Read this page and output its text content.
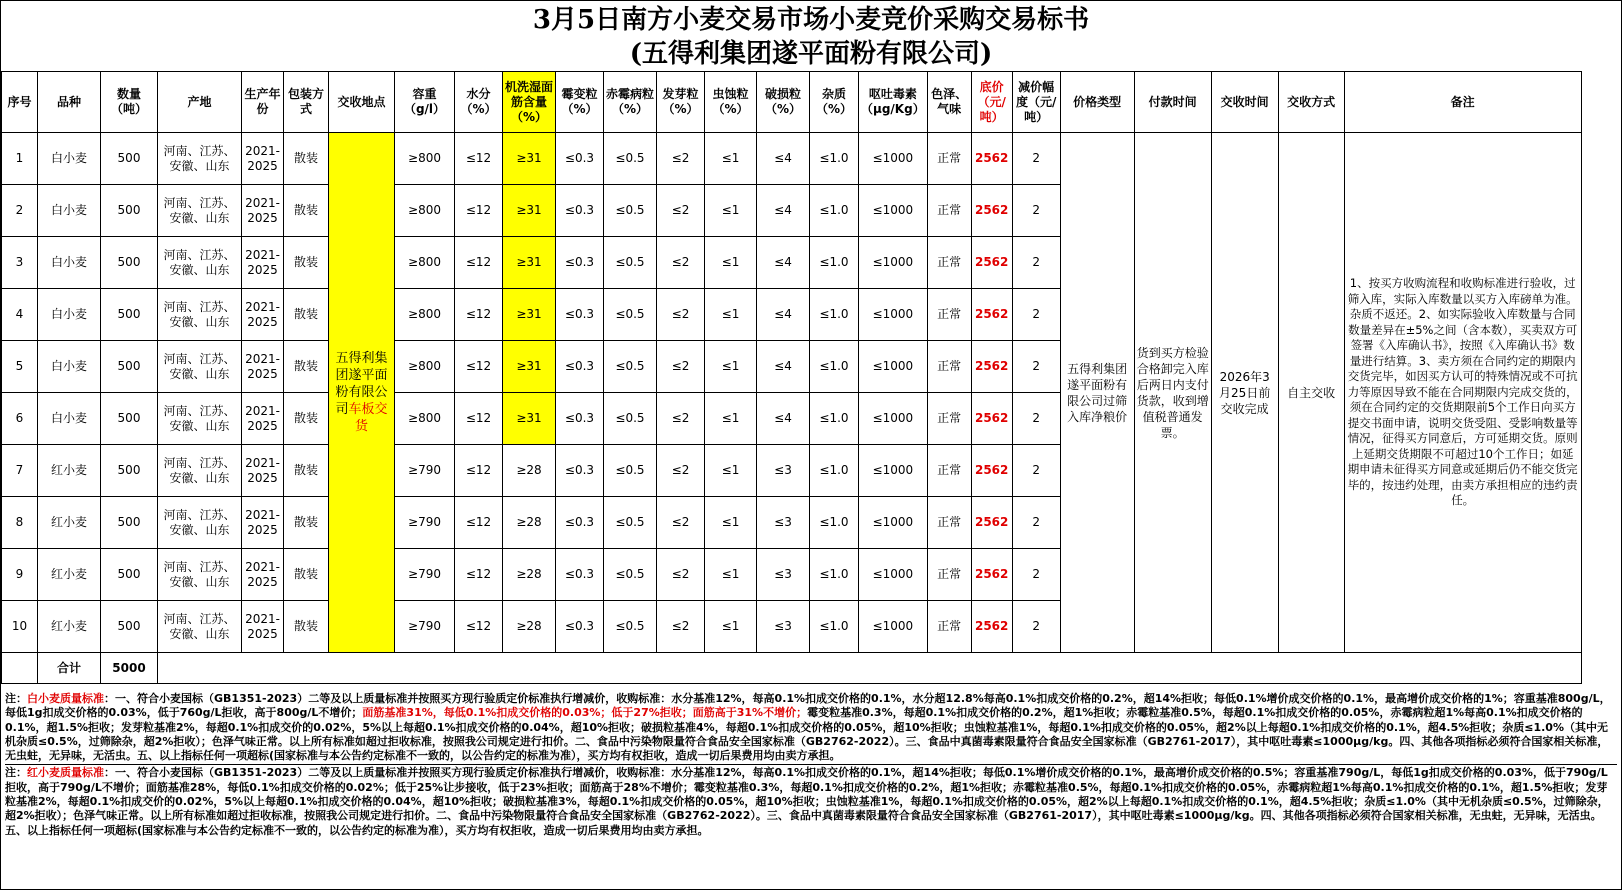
3月5日南方小麦交易市场小麦竞价采购交易标书
(五得利集团遂平面粉有限公司)
序号	品种	数量（吨）	产地	生产年份	包装方式	交收地点	容重（g/l）	水分（%）	机洗湿面筋含量（%）	霉变粒（%）	赤霉病粒（%）	发芽粒（%）	虫蚀粒（%）	破损粒（%）	杂质（%）	呕吐毒素（μg/Kg）	色泽、气味	底价（元/吨）	减价幅度（元/吨）	价格类型	付款时间	交收时间	交收方式	备注
1	白小麦	500	河南、江苏、安徽、山东	2021-2025	散装	五得利集团遂平面粉有限公司车板交货	≥800	≤12	≥31	≤0.3	≤0.5	≤2	≤1	≤4	≤1.0	≤1000	正常	2562	2	五得利集团遂平面粉有限公司过筛入库净粮价	货到买方检验合格卸完入库后两日内支付货款，收到增值税普通发票。	2026年3月25日前交收完成	自主交收	1、按买方收购流程和收购标准进行验收，过筛入库，实际入库数量以买方入库磅单为准。杂质不返还。2、如实际验收入库数量与合同数量差异在±5%之间（含本数），买卖双方可签署《入库确认书》，按照《入库确认书》数量进行结算。3、卖方须在合同约定的期限内交货完毕，如因买方认可的特殊情况或不可抗力等原因导致不能在合同期限内完成交货的，须在合同约定的交货期限前5个工作日向买方提交书面申请，说明交货受阻、受影响数量等情况，征得买方同意后，方可延期交货。原则上延期交货期限不可超过10个工作日；如延期申请未征得买方同意或延期后仍不能交货完毕的，按违约处理，由卖方承担相应的违约责任。
2	白小麦	500	河南、江苏、安徽、山东	2021-2025	散装		≥800	≤12	≥31	≤0.3	≤0.5	≤2	≤1	≤4	≤1.0	≤1000	正常	2562	2					
3	白小麦	500	河南、江苏、安徽、山东	2021-2025	散装		≥800	≤12	≥31	≤0.3	≤0.5	≤2	≤1	≤4	≤1.0	≤1000	正常	2562	2					
4	白小麦	500	河南、江苏、安徽、山东	2021-2025	散装		≥800	≤12	≥31	≤0.3	≤0.5	≤2	≤1	≤4	≤1.0	≤1000	正常	2562	2					
5	白小麦	500	河南、江苏、安徽、山东	2021-2025	散装		≥800	≤12	≥31	≤0.3	≤0.5	≤2	≤1	≤4	≤1.0	≤1000	正常	2562	2					
6	白小麦	500	河南、江苏、安徽、山东	2021-2025	散装		≥800	≤12	≥31	≤0.3	≤0.5	≤2	≤1	≤4	≤1.0	≤1000	正常	2562	2					
7	红小麦	500	河南、江苏、安徽、山东	2021-2025	散装		≥790	≤12	≥28	≤0.3	≤0.5	≤2	≤1	≤3	≤1.0	≤1000	正常	2562	2					
8	红小麦	500	河南、江苏、安徽、山东	2021-2025	散装		≥790	≤12	≥28	≤0.3	≤0.5	≤2	≤1	≤3	≤1.0	≤1000	正常	2562	2					
9	红小麦	500	河南、江苏、安徽、山东	2021-2025	散装		≥790	≤12	≥28	≤0.3	≤0.5	≤2	≤1	≤3	≤1.0	≤1000	正常	2562	2					
10	红小麦	500	河南、江苏、安徽、山东	2021-2025	散装		≥790	≤12	≥28	≤0.3	≤0.5	≤2	≤1	≤3	≤1.0	≤1000	正常	2562	2					
	合计	5000																						
注：白小麦质量标准：一、符合小麦国标（GB1351-2023）二等及以上质量标准并按照买方现行验质定价标准执行增减价，收购标准：水分基准12%，每高0.1%扣成交价格的0.1%，水分超12.8%每高0.1%扣成交价格的0.2%，超14%拒收；每低0.1%增价成交价格的0.1%，最高增价成交价格的1%；容重基准800g/L，每低1g扣成交价格的0.03%，低于760g/L拒收，高于800g/L不增价；面筋基准31%，每低0.1%扣成交价格的0.03%；低于27%拒收；面筋高于31%不增价；霉变粒基准0.3%，每超0.1%扣成交价格的0.2%，超1%拒收；赤霉粒基准0.5%，每超0.1%扣成交价格的0.05%，赤霉病粒超1%每高0.1%扣成交价格的0.1%，超1.5%拒收；发芽粒基准2%，每超0.1%扣成交价的0.02%，5%以上每超0.1%扣成交价格的0.04%，超10%拒收；破损粒基准4%，每超0.1%扣成交价格的0.05%，超10%拒收；虫蚀粒基准1%，每超0.1%扣成交价格的0.05%，超2%以上每超0.1%扣成交价格的0.1%，超4.5%拒收；杂质≤1.0%（其中无机杂质≤0.5%，过筛除杂，超2%拒收）；色泽气味正常。以上所有标准如超过拒收标准，按照我公司规定进行扣价。二、食品中污染物限量符合食品安全国家标准（GB2762-2022）。三、食品中真菌毒素限量符合食品安全国家标准（GB2761-2017），其中呕吐毒素≤1000μg/kg。四、其他各项指标必须符合国家相关标准，无虫蛀，无异味，无活虫。五、以上指标任何一项超标(国家标准与本公告约定标准不一致的，以公告约定的标准为准），买方均有权拒收，造成一切后果费用均由卖方承担。
注：红小麦质量标准：一、符合小麦国标（GB1351-2023）二等及以上质量标准并按照买方现行验质定价标准执行增减价，收购标准：水分基准12%，每高0.1%扣成交价格的0.1%，超14%拒收；每低0.1%增价成交价格的0.1%，最高增价成交价格的0.5%；容重基准790g/L，每低1g扣成交价格的0.03%，低于790g/L拒收，高于790g/L不增价；面筋基准28%，每低0.1%扣成交价格的0.02%；低于25%让步接收，低于23%拒收；面筋高于28%不增价；霉变粒基准0.3%，每超0.1%扣成交价格的0.2%，超1%拒收；赤霉粒基准0.5%，每超0.1%扣成交价格的0.05%，赤霉病粒超1%每高0.1%扣成交价格的0.1%，超1.5%拒收；发芽粒基准2%，每超0.1%扣成交价的0.02%，5%以上每超0.1%扣成交价格的0.04%，超10%拒收；破损粒基准3%，每超0.1%扣成交价格的0.05%，超10%拒收；虫蚀粒基准1%，每超0.1%扣成交价格的0.05%，超2%以上每超0.1%扣成交价格的0.1%，超4.5%拒收；杂质≤1.0%（其中无机杂质≤0.5%，过筛除杂，超2%拒收）；色泽气味正常。以上所有标准如超过拒收标准，按照我公司规定进行扣价。二、食品中污染物限量符合食品安全国家标准（GB2762-2022）。三、食品中真菌毒素限量符合食品安全国家标准（GB2761-2017），其中呕吐毒素≤1000μg/kg。四、其他各项指标必须符合国家相关标准，无虫蛀，无异味，无活虫。五、以上指标任何一项超标(国家标准与本公告约定标准不一致的，以公告约定的标准为准），买方均有权拒收，造成一切后果费用均由卖方承担。
